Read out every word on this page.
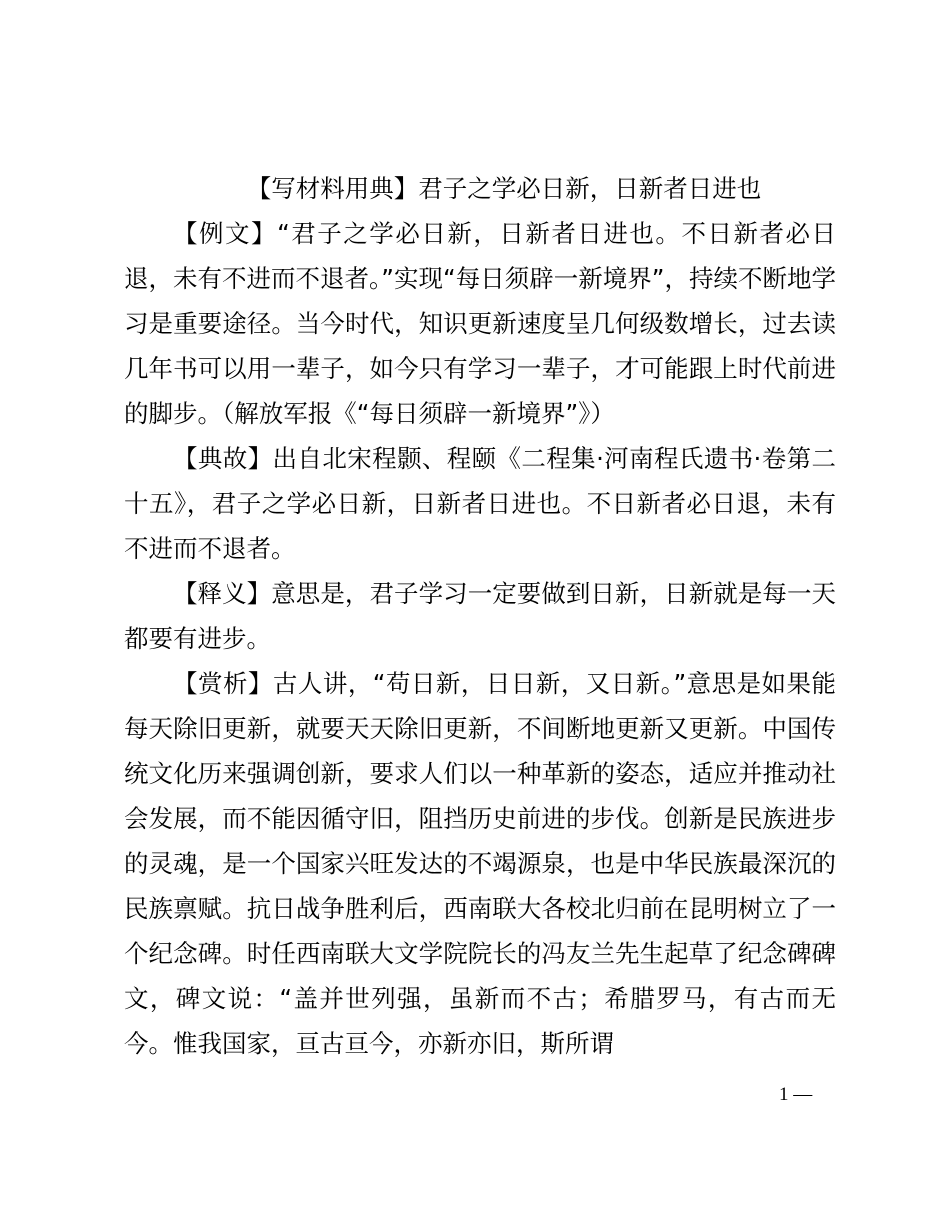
【写材料用典】君子之学必日新，日新者日进也

【例文】“君子之学必日新，日新者日进也。不日新者必日退，未有不进而不退者。”实现“每日须辟一新境界”，持续不断地学习是重要途径。当今时代，知识更新速度呈几何级数增长，过去读几年书可以用一辈子，如今只有学习一辈子，才可能跟上时代前进的脚步。（解放军报《“每日须辟一新境界”》）

【典故】出自北宋程颢、程颐《二程集·河南程氏遗书·卷第二十五》，君子之学必日新，日新者日进也。不日新者必日退，未有不进而不退者。

【释义】意思是，君子学习一定要做到日新，日新就是每一天都要有进步。

【赏析】古人讲，“苟日新，日日新，又日新。”意思是如果能每天除旧更新，就要天天除旧更新，不间断地更新又更新。中国传统文化历来强调创新，要求人们以一种革新的姿态，适应并推动社会发展，而不能因循守旧，阻挡历史前进的步伐。创新是民族进步的灵魂，是一个国家兴旺发达的不竭源泉，也是中华民族最深沉的民族禀赋。抗日战争胜利后，西南联大各校北归前在昆明树立了一个纪念碑。时任西南联大文学院院长的冯友兰先生起草了纪念碑碑文，碑文说：“盖并世列强，虽新而不古；希腊罗马，有古而无今。惟我国家，亘古亘今，亦新亦旧，斯所谓

1 —
